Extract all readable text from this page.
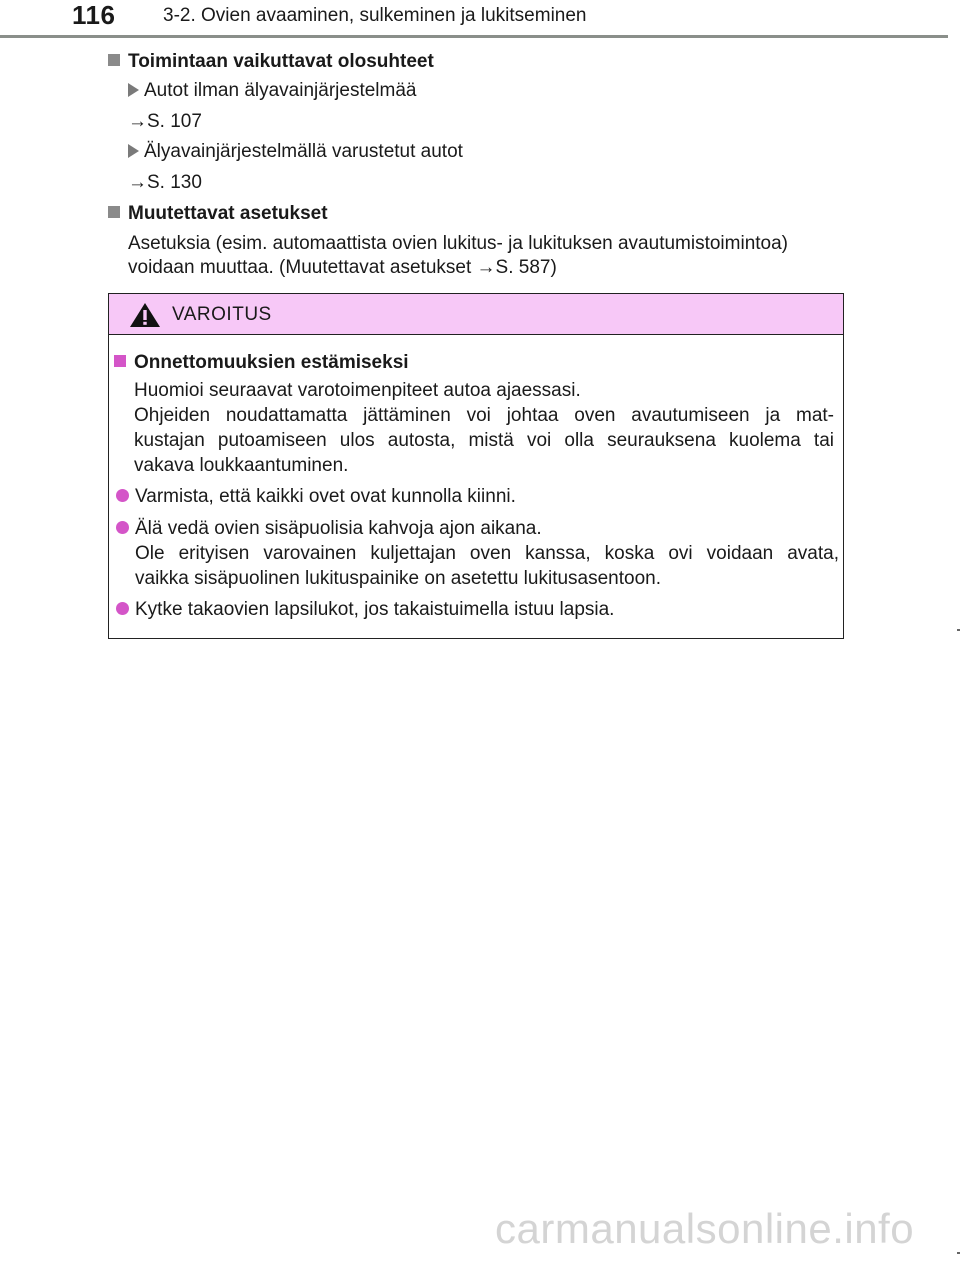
116	3-2. Ovien avaaminen, sulkeminen ja lukitseminen
Toimintaan vaikuttavat olosuhteet
Autot ilman älyavainjärjestelmää
→S. 107
Älyavainjärjestelmällä varustetut autot
→S. 130
Muutettavat asetukset
Asetuksia (esim. automaattista ovien lukitus- ja lukituksen avautumistoimintoa)
voidaan muuttaa. (Muutettavat asetukset →S. 587)
VAROITUS
Onnettomuuksien estämiseksi
Huomioi seuraavat varotoimenpiteet autoa ajaessasi.
Ohjeiden noudattamatta jättäminen voi johtaa oven avautumiseen ja mat-
kustajan putoamiseen ulos autosta, mistä voi olla seurauksena kuolema tai
vakava loukkaantuminen.
Varmista, että kaikki ovet ovat kunnolla kiinni.
Älä vedä ovien sisäpuolisia kahvoja ajon aikana.
Ole erityisen varovainen kuljettajan oven kanssa, koska ovi voidaan avata,
vaikka sisäpuolinen lukituspainike on asetettu lukitusasentoon.
Kytke takaovien lapsilukot, jos takaistuimella istuu lapsia.
carmanualsonline.info
